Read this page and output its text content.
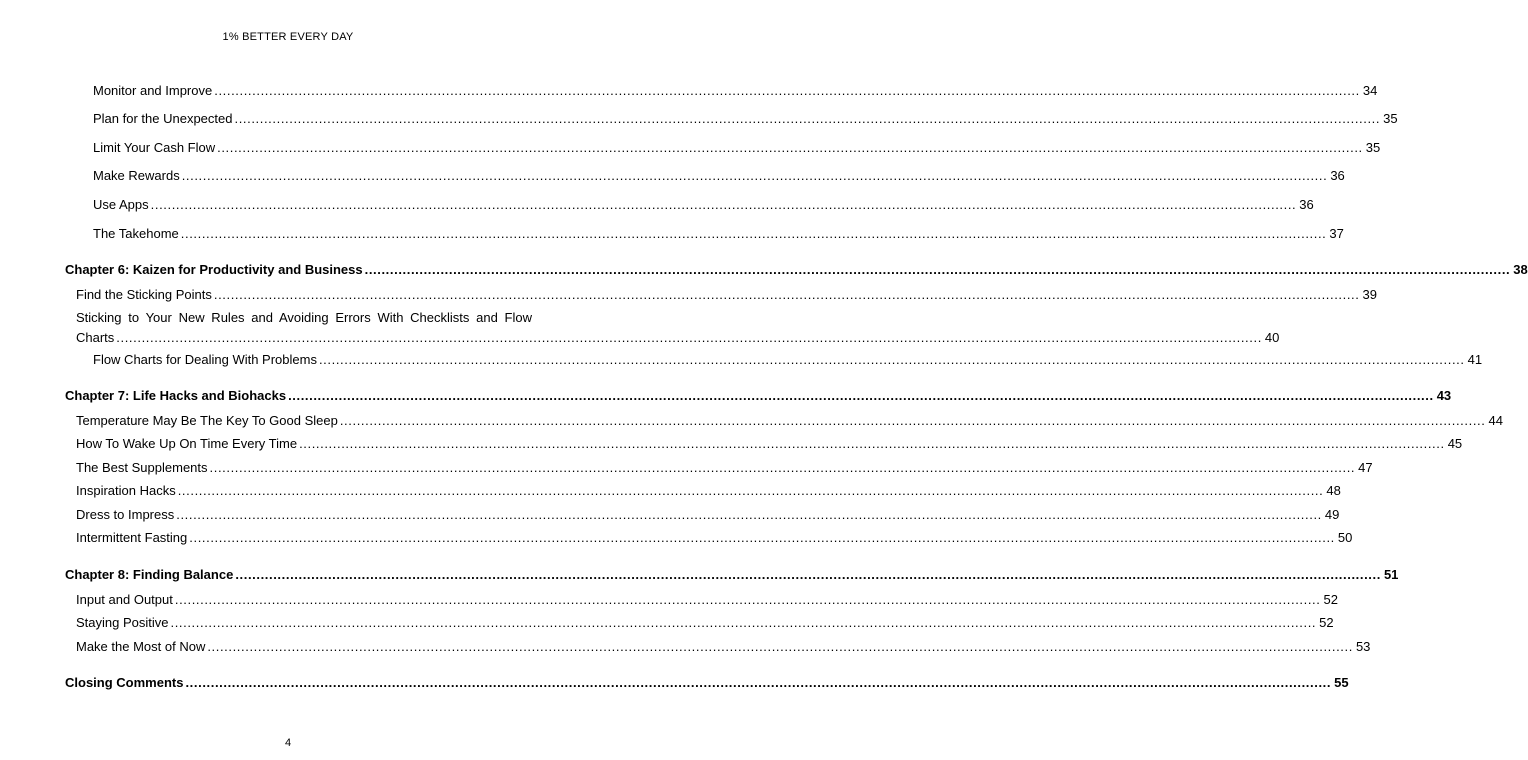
1% BETTER EVERY DAY
Monitor and Improve ................................................................................................................................................................................................................................................................................ 34
Plan for the Unexpected ................................................................................................................................................................................................................................................................................ 35
Limit Your Cash Flow ................................................................................................................................................................................................................................................................................ 35
Make Rewards ................................................................................................................................................................................................................................................................................ 36
Use Apps ................................................................................................................................................................................................................................................................................ 36
The Takehome ................................................................................................................................................................................................................................................................................ 37
Chapter 6: Kaizen for Productivity and Business ................................................................................................................................................................................................................................................................................ 38
Find the Sticking Points ................................................................................................................................................................................................................................................................................ 39
Sticking to Your New Rules and Avoiding Errors With Checklists and Flow
Charts ................................................................................................................................................................................................................................................................................ 40
Flow Charts for Dealing With Problems ................................................................................................................................................................................................................................................................................ 41
Chapter 7: Life Hacks and Biohacks ................................................................................................................................................................................................................................................................................ 43
Temperature May Be The Key To Good Sleep ................................................................................................................................................................................................................................................................................ 44
How To Wake Up On Time Every Time ................................................................................................................................................................................................................................................................................ 45
The Best Supplements ................................................................................................................................................................................................................................................................................ 47
Inspiration Hacks ................................................................................................................................................................................................................................................................................ 48
Dress to Impress ................................................................................................................................................................................................................................................................................ 49
Intermittent Fasting ................................................................................................................................................................................................................................................................................ 50
Chapter 8: Finding Balance ................................................................................................................................................................................................................................................................................ 51
Input and Output ................................................................................................................................................................................................................................................................................ 52
Staying Positive ................................................................................................................................................................................................................................................................................ 52
Make the Most of Now ................................................................................................................................................................................................................................................................................ 53
Closing Comments ................................................................................................................................................................................................................................................................................ 55
4
